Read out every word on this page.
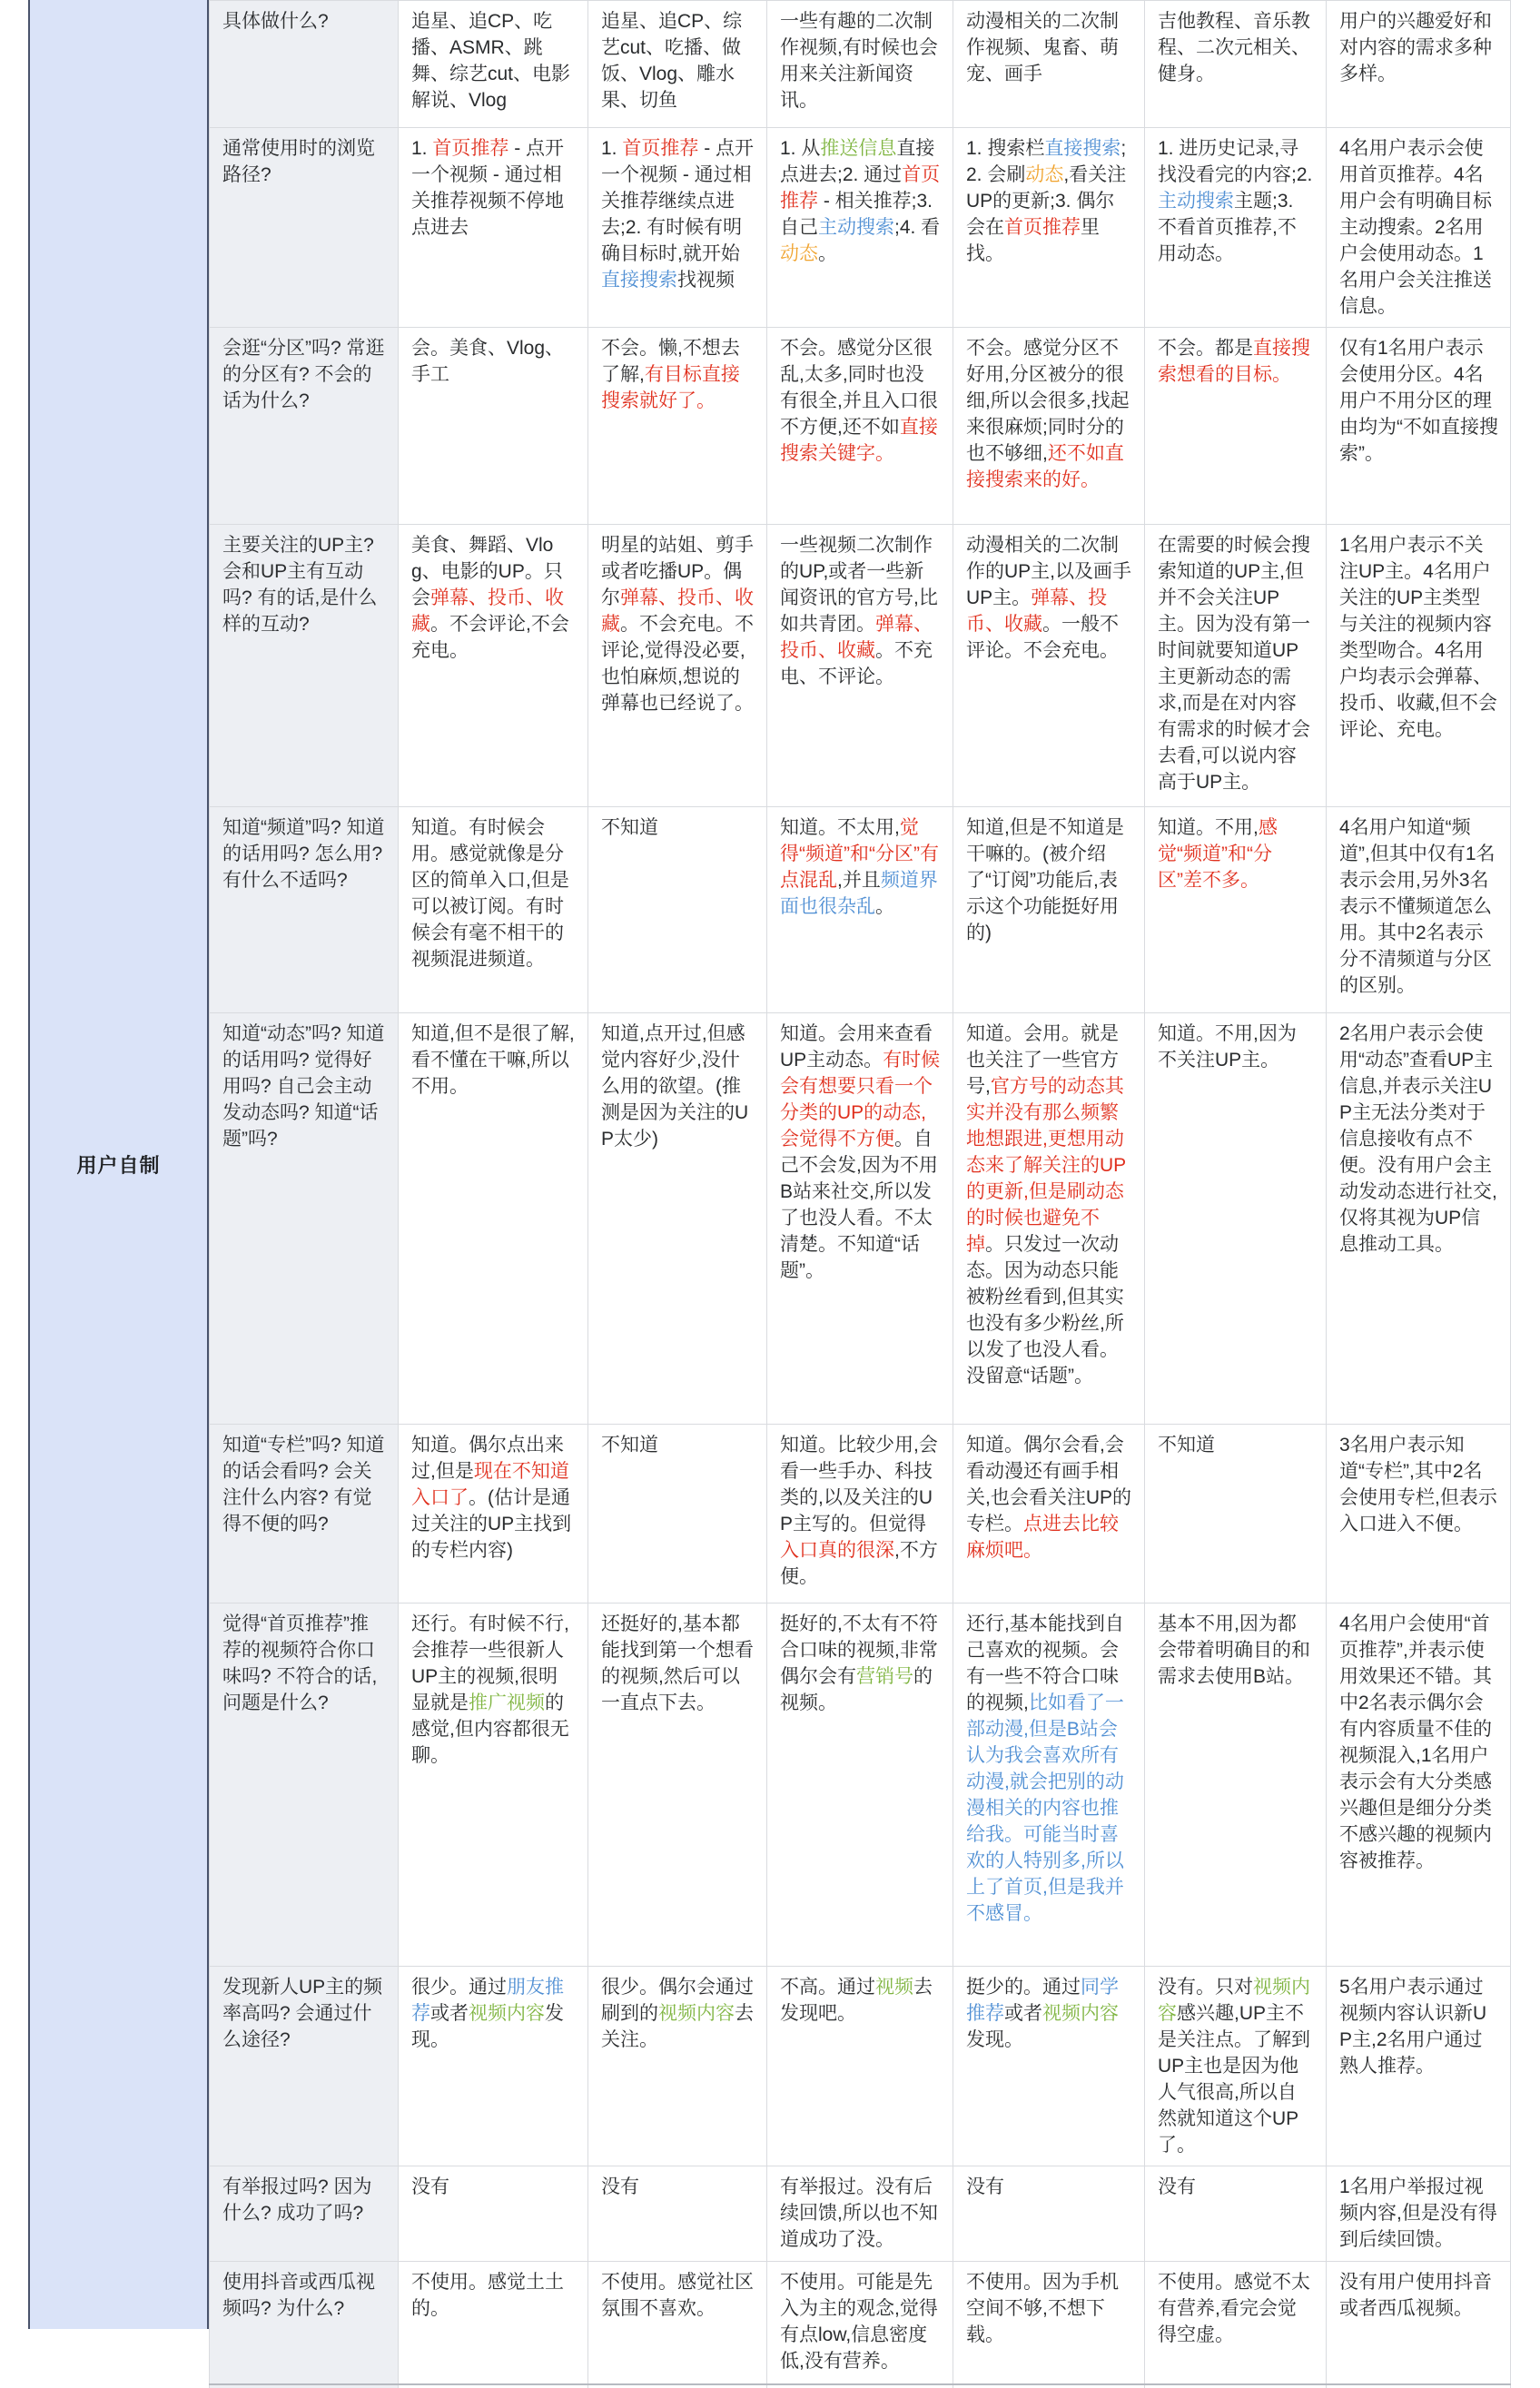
用户自制
具体做什么?	追星、追CP、吃播、ASMR、跳舞、综艺cut、电影解说、Vlog	追星、追CP、综艺cut、吃播、做饭、Vlog、雕水果、切鱼	一些有趣的二次制作视频,有时候也会用来关注新闻资讯。	动漫相关的二次制作视频、鬼畜、萌宠、画手	吉他教程、音乐教程、二次元相关、健身。	用户的兴趣爱好和对内容的需求多种多样。
通常使用时的浏览路径?	1. 首页推荐 - 点开一个视频 - 通过相关推荐视频不停地点进去	1. 首页推荐 - 点开一个视频 - 通过相关推荐继续点进去;2. 有时候有明确目标时,就开始直接搜索找视频	1. 从推送信息直接点进去;2. 通过首页推荐 - 相关推荐;3. 自己主动搜索;4. 看动态。	1. 搜索栏直接搜索;2. 会刷动态,看关注UP的更新;3. 偶尔会在首页推荐里找。	1. 进历史记录,寻找没看完的内容;2. 主动搜索主题;3. 不看首页推荐,不用动态。	4名用户表示会使用首页推荐。4名用户会有明确目标主动搜索。2名用户会使用动态。1名用户会关注推送信息。
会逛“分区”吗? 常逛的分区有? 不会的话为什么?	会。美食、Vlog、手工	不会。懒,不想去了解,有目标直接搜索就好了。	不会。感觉分区很乱,太多,同时也没有很全,并且入口很不方便,还不如直接搜索关键字。	不会。感觉分区不好用,分区被分的很细,所以会很多,找起来很麻烦;同时分的也不够细,还不如直接搜索来的好。	不会。都是直接搜索想看的目标。	仅有1名用户表示会使用分区。4名用户不用分区的理由均为“不如直接搜索”。
主要关注的UP主? 会和UP主有互动吗? 有的话,是什么样的互动?	美食、舞蹈、Vlog、电影的UP。只会弹幕、投币、收藏。不会评论,不会充电。	明星的站姐、剪手或者吃播UP。偶尔弹幕、投币、收藏。不会充电。不评论,觉得没必要,也怕麻烦,想说的弹幕也已经说了。	一些视频二次制作的UP,或者一些新闻资讯的官方号,比如共青团。弹幕、投币、收藏。不充电、不评论。	动漫相关的二次制作的UP主,以及画手UP主。弹幕、投币、收藏。一般不评论。不会充电。	在需要的时候会搜索知道的UP主,但并不会关注UP主。因为没有第一时间就要知道UP主更新动态的需求,而是在对内容有需求的时候才会去看,可以说内容高于UP主。	1名用户表示不关注UP主。4名用户关注的UP主类型与关注的视频内容类型吻合。4名用户均表示会弹幕、投币、收藏,但不会评论、充电。
知道“频道”吗? 知道的话用吗? 怎么用? 有什么不适吗?	知道。有时候会用。感觉就像是分区的简单入口,但是可以被订阅。有时候会有毫不相干的视频混进频道。	不知道	知道。不太用,觉得“频道”和“分区”有点混乱,并且频道界面也很杂乱。	知道,但是不知道是干嘛的。(被介绍了“订阅”功能后,表示这个功能挺好用的)	知道。不用,感觉“频道”和“分区”差不多。	4名用户知道“频道”,但其中仅有1名表示会用,另外3名表示不懂频道怎么用。其中2名表示分不清频道与分区的区别。
知道“动态”吗? 知道的话用吗? 觉得好用吗? 自己会主动发动态吗? 知道“话题”吗?	知道,但不是很了解,看不懂在干嘛,所以不用。	知道,点开过,但感觉内容好少,没什么用的欲望。(推测是因为关注的UP太少)	知道。会用来查看UP主动态。有时候会有想要只看一个分类的UP的动态,会觉得不方便。自己不会发,因为不用B站来社交,所以发了也没人看。不太清楚。不知道“话题”。	知道。会用。就是也关注了一些官方号,官方号的动态其实并没有那么频繁地想跟进,更想用动态来了解关注的UP的更新,但是刷动态的时候也避免不掉。只发过一次动态。因为动态只能被粉丝看到,但其实也没有多少粉丝,所以发了也没人看。没留意“话题”。	知道。不用,因为不关注UP主。	2名用户表示会使用“动态”查看UP主信息,并表示关注UP主无法分类对于信息接收有点不便。没有用户会主动发动态进行社交,仅将其视为UP信息推动工具。
知道“专栏”吗? 知道的话会看吗? 会关注什么内容? 有觉得不便的吗?	知道。偶尔点出来过,但是现在不知道入口了。(估计是通过关注的UP主找到的专栏内容)	不知道	知道。比较少用,会看一些手办、科技类的,以及关注的UP主写的。但觉得入口真的很深,不方便。	知道。偶尔会看,会看动漫还有画手相关,也会看关注UP的专栏。点进去比较麻烦吧。	不知道	3名用户表示知道“专栏”,其中2名会使用专栏,但表示入口进入不便。
觉得“首页推荐”推荐的视频符合你口味吗? 不符合的话,问题是什么?	还行。有时候不行,会推荐一些很新人UP主的视频,很明显就是推广视频的感觉,但内容都很无聊。	还挺好的,基本都能找到第一个想看的视频,然后可以一直点下去。	挺好的,不太有不符合口味的视频,非常偶尔会有营销号的视频。	还行,基本能找到自己喜欢的视频。会有一些不符合口味的视频,比如看了一部动漫,但是B站会认为我会喜欢所有动漫,就会把别的动漫相关的内容也推给我。可能当时喜欢的人特别多,所以上了首页,但是我并不感冒。	基本不用,因为都会带着明确目的和需求去使用B站。	4名用户会使用“首页推荐”,并表示使用效果还不错。其中2名表示偶尔会有内容质量不佳的视频混入,1名用户表示会有大分类感兴趣但是细分分类不感兴趣的视频内容被推荐。
发现新人UP主的频率高吗? 会通过什么途径?	很少。通过朋友推荐或者视频内容发现。	很少。偶尔会通过刷到的视频内容去关注。	不高。通过视频去发现吧。	挺少的。通过同学推荐或者视频内容发现。	没有。只对视频内容感兴趣,UP主不是关注点。了解到UP主也是因为他人气很高,所以自然就知道这个UP了。	5名用户表示通过视频内容认识新UP主,2名用户通过熟人推荐。
有举报过吗? 因为什么? 成功了吗?	没有	没有	有举报过。没有后续回馈,所以也不知道成功了没。	没有	没有	1名用户举报过视频内容,但是没有得到后续回馈。
使用抖音或西瓜视频吗? 为什么?	不使用。感觉土土的。	不使用。感觉社区氛围不喜欢。	不使用。可能是先入为主的观念,觉得有点low,信息密度低,没有营养。	不使用。因为手机空间不够,不想下载。	不使用。感觉不太有营养,看完会觉得空虚。	没有用户使用抖音或者西瓜视频。
